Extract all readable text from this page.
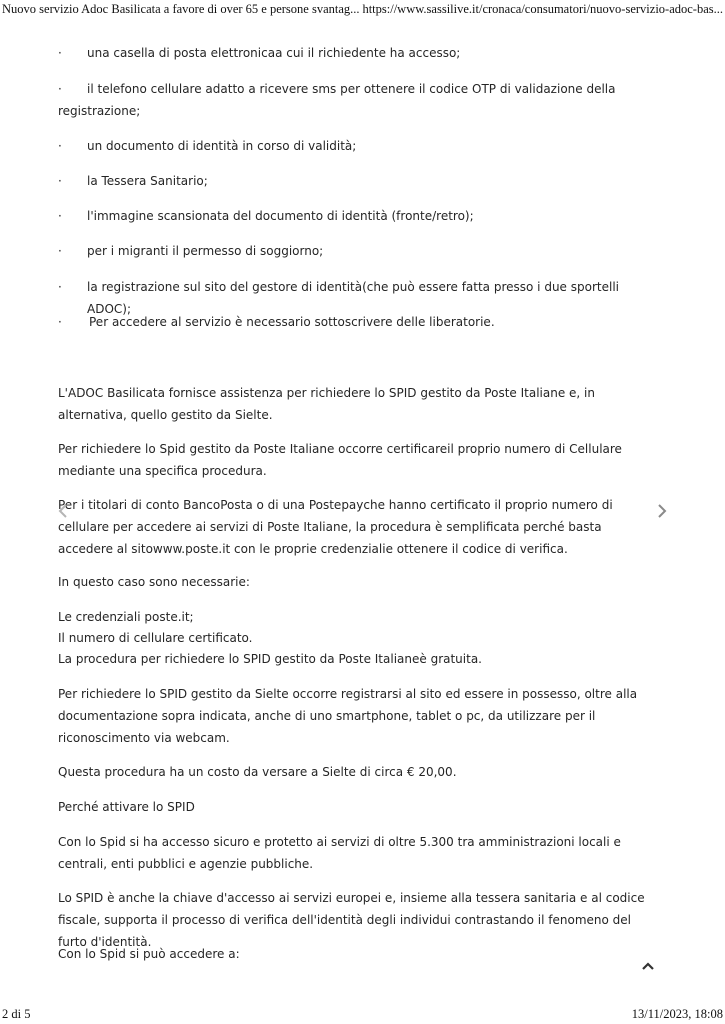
Nuovo servizio Adoc Basilicata a favore di over 65 e persone svantag... https://www.sassilive.it/cronaca/consumatori/nuovo-servizio-adoc-bas...
·	una casella di posta elettronicaa cui il richiedente ha accesso;
·	il telefono cellulare adatto a ricevere sms per ottenere il codice OTP di validazione della registrazione;
·	un documento di identità in corso di validità;
·	la Tessera Sanitario;
·	l'immagine scansionata del documento di identità (fronte/retro);
·	per i migranti il permesso di soggiorno;
·	la registrazione sul sito del gestore di identità(che può essere fatta presso i due sportelli ADOC);
·	Per accedere al servizio è necessario sottoscrivere delle liberatorie.

L'ADOC Basilicata fornisce assistenza per richiedere lo SPID gestito da Poste Italiane e, in alternativa, quello gestito da Sielte.

Per richiedere lo Spid gestito da Poste Italiane occorre certificareil proprio numero di Cellulare mediante una specifica procedura.

Per i titolari di conto BancoPosta o di una Postepayche hanno certificato il proprio numero di cellulare per accedere ai servizi di Poste Italiane, la procedura è semplificata perché basta accedere al sitowww.poste.it con le proprie credenzialie ottenere il codice di verifica.

In questo caso sono necessarie:

Le credenziali poste.it;

Il numero di cellulare certificato.

La procedura per richiedere lo SPID gestito da Poste Italianeè gratuita.

Per richiedere lo SPID gestito da Sielte occorre registrarsi al sito ed essere in possesso, oltre alla documentazione sopra indicata, anche di uno smartphone, tablet o pc, da utilizzare per il riconoscimento via webcam.

Questa procedura ha un costo da versare a Sielte di circa € 20,00.

Perché attivare lo SPID

Con lo Spid si ha accesso sicuro e protetto ai servizi di oltre 5.300 tra amministrazioni locali e centrali, enti pubblici e agenzie pubbliche.

Lo SPID è anche la chiave d'accesso ai servizi europei e, insieme alla tessera sanitaria e al codice fiscale, supporta il processo di verifica dell'identità degli individui contrastando il fenomeno del furto d'identità.

Con lo Spid si può accedere a:

2 di 5	13/11/2023, 18:08
